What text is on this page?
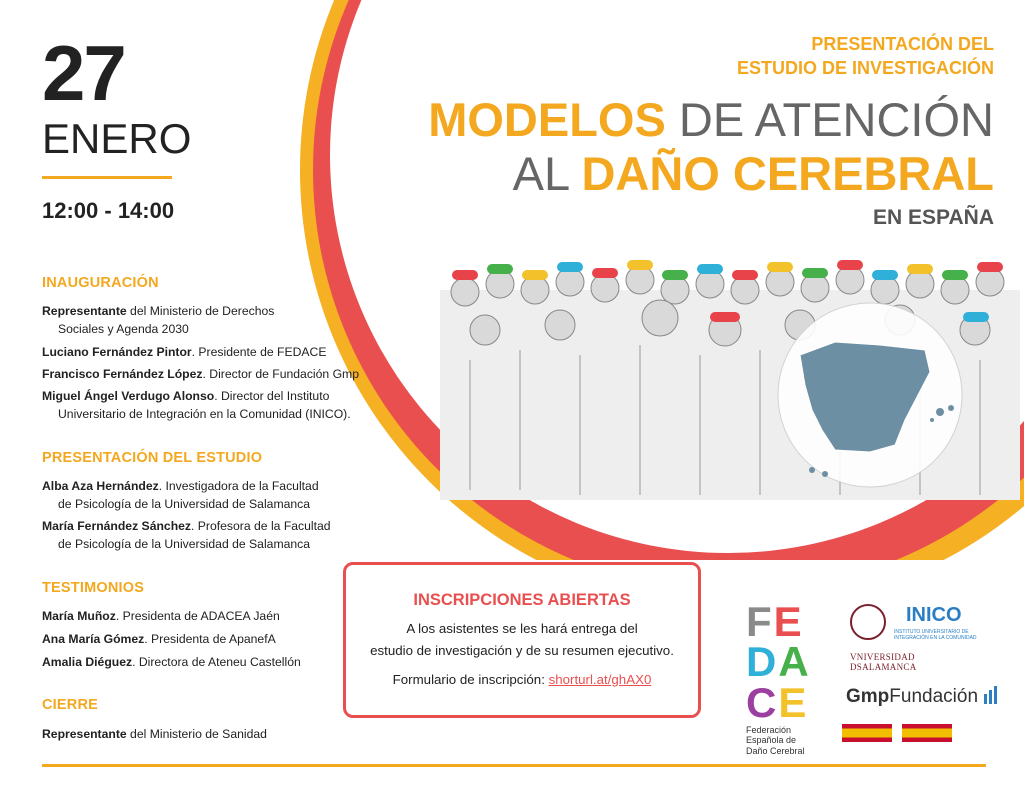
27
ENERO
12:00 - 14:00
PRESENTACIÓN DEL
ESTUDIO DE INVESTIGACIÓN
MODELOS DE ATENCIÓN
AL DAÑO CEREBRAL
EN ESPAÑA
INAUGURACIÓN
Representante del Ministerio de Derechos
Sociales y Agenda 2030
Luciano Fernández Pintor. Presidente de FEDACE
Francisco Fernández López. Director de Fundación Gmp
Miguel Ángel Verdugo Alonso. Director del Instituto
Universitario de Integración en la Comunidad (INICO).
PRESENTACIÓN DEL ESTUDIO
Alba Aza Hernández. Investigadora de la Facultad
de Psicología de la Universidad de Salamanca
María Fernández Sánchez. Profesora de la Facultad
de Psicología de la Universidad de Salamanca
TESTIMONIOS
María Muñoz. Presidenta de ADACEA Jaén
Ana María Gómez. Presidenta de ApanefA
Amalia Diéguez. Directora de Ateneu Castellón
CIERRE
Representante del Ministerio de Sanidad
INSCRIPCIONES ABIERTAS
A los asistentes se les hará entrega del
estudio de investigación y de su resumen ejecutivo.
Formulario de inscripción: shorturl.at/ghAX0
FE
DA
CE
Federación
Española de
Daño Cerebral
INICO
INSTITUTO UNIVERSITARIO DE INTEGRACIÓN EN LA COMUNIDAD
VNIVERSIDAD DSALAMANCA
GmpFundación
